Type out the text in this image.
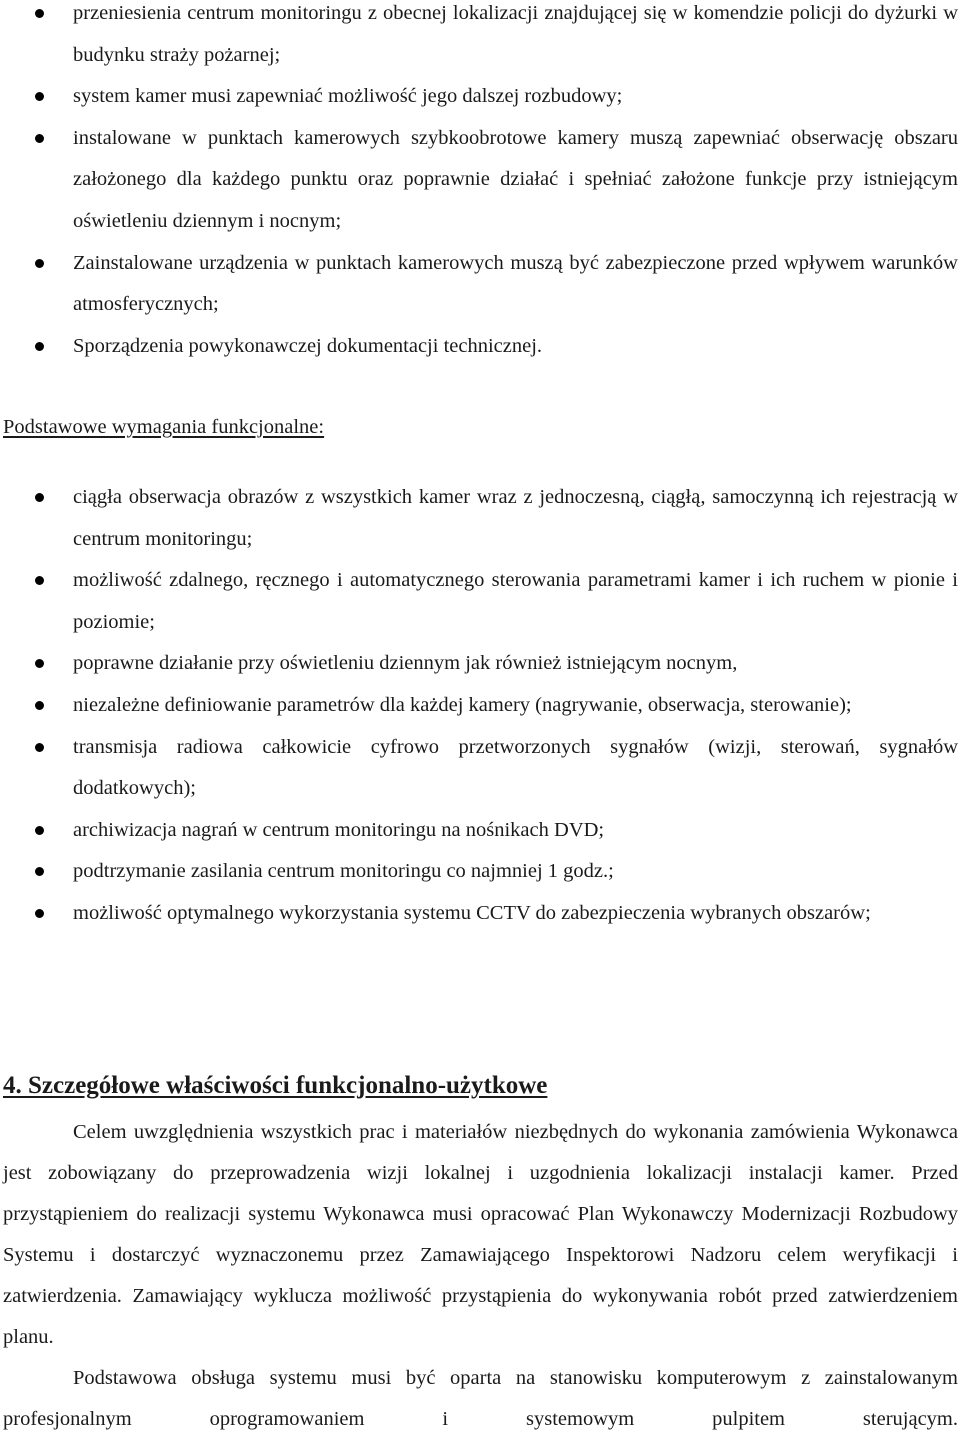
przeniesienia centrum monitoringu z obecnej lokalizacji znajdującej się w komendzie policji do dyżurki w budynku straży pożarnej;
system kamer musi zapewniać możliwość jego dalszej rozbudowy;
instalowane w punktach kamerowych szybkoobrotowe kamery muszą zapewniać obserwację obszaru założonego dla każdego punktu oraz poprawnie działać i spełniać założone funkcje przy istniejącym oświetleniu dziennym i nocnym;
Zainstalowane urządzenia w punktach kamerowych muszą być zabezpieczone przed wpływem warunków atmosferycznych;
Sporządzenia powykonawczej dokumentacji technicznej.
Podstawowe wymagania funkcjonalne:
ciągła obserwacja obrazów z wszystkich kamer wraz z jednoczesną, ciągłą, samoczynną ich rejestracją w centrum monitoringu;
możliwość zdalnego, ręcznego i automatycznego sterowania parametrami kamer i ich ruchem w pionie i poziomie;
poprawne działanie przy oświetleniu dziennym jak również istniejącym nocnym,
niezależne definiowanie parametrów dla każdej kamery (nagrywanie, obserwacja, sterowanie);
transmisja radiowa całkowicie cyfrowo przetworzonych sygnałów (wizji, sterowań, sygnałów dodatkowych);
archiwizacja nagrań w centrum monitoringu na nośnikach DVD;
podtrzymanie zasilania centrum monitoringu co najmniej 1 godz.;
możliwość optymalnego wykorzystania systemu CCTV do zabezpieczenia wybranych obszarów;
4. Szczegółowe właściwości funkcjonalno-użytkowe

Celem uwzględnienia wszystkich prac i materiałów niezbędnych do wykonania zamówienia Wykonawca jest zobowiązany do przeprowadzenia wizji lokalnej i uzgodnienia lokalizacji instalacji kamer. Przed przystąpieniem do realizacji systemu Wykonawca musi opracować Plan Wykonawczy Modernizacji Rozbudowy Systemu i dostarczyć wyznaczonemu przez Zamawiającego Inspektorowi Nadzoru celem weryfikacji i zatwierdzenia. Zamawiający wyklucza możliwość przystąpienia do wykonywania robót przed zatwierdzeniem planu.

Podstawowa obsługa systemu musi być oparta na stanowisku komputerowym z zainstalowanym profesjonalnym oprogramowaniem i systemowym pulpitem sterującym.
